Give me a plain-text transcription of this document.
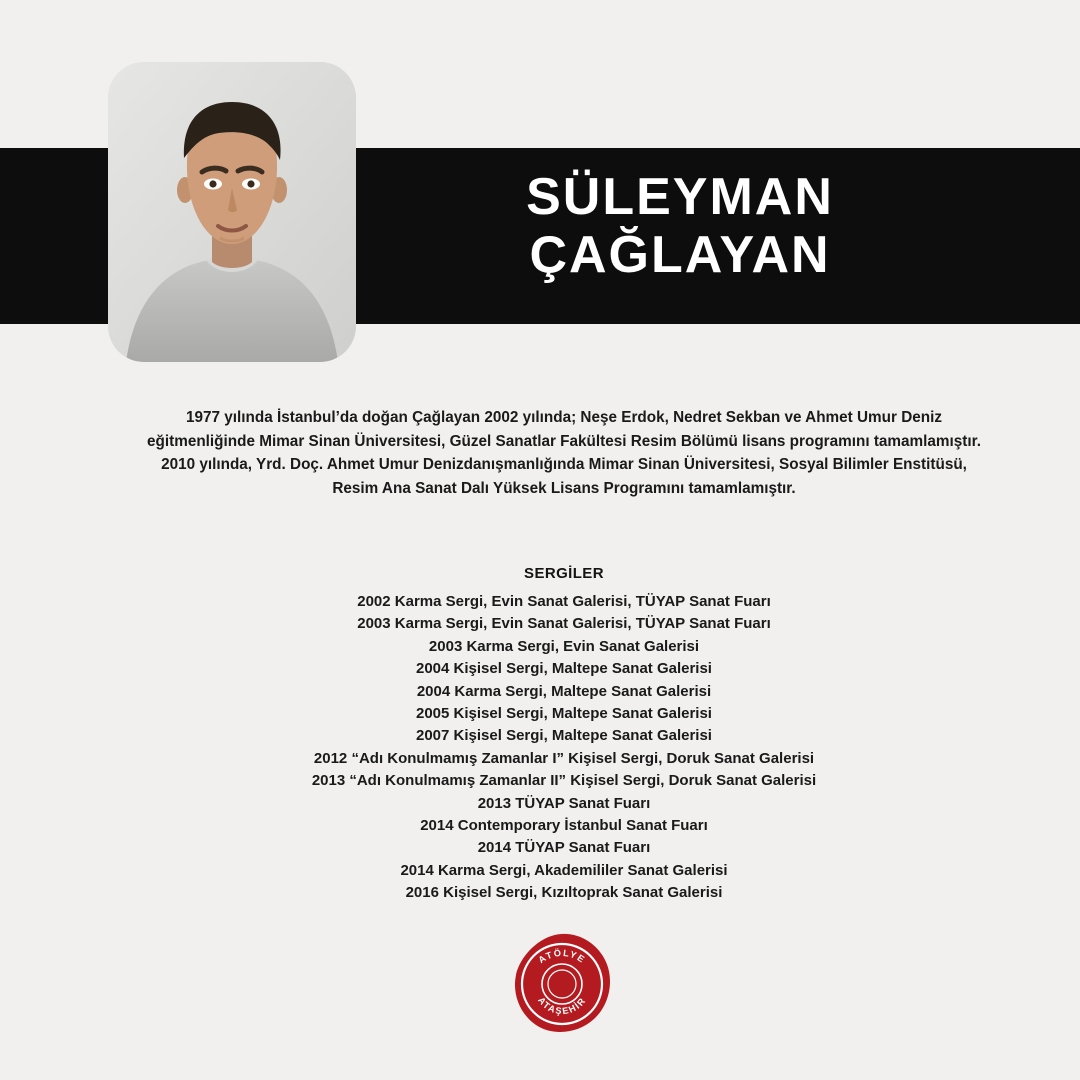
SÜLEYMAN
ÇAĞLAYAN

1977 yılında İstanbul’da doğan Çağlayan 2002 yılında; Neşe Erdok, Nedret Sekban ve Ahmet Umur Deniz eğitmenliğinde Mimar Sinan Üniversitesi, Güzel Sanatlar Fakültesi Resim Bölümü lisans programını tamamlamıştır. 2010 yılında, Yrd. Doç. Ahmet Umur Denizdanışmanlığında Mimar Sinan Üniversitesi, Sosyal Bilimler Enstitüsü, Resim Ana Sanat Dalı Yüksek Lisans Programını tamamlamıştır.

SERGİLER
2002 Karma Sergi, Evin Sanat Galerisi, TÜYAP Sanat Fuarı
2003 Karma Sergi, Evin Sanat Galerisi, TÜYAP Sanat Fuarı
2003 Karma Sergi, Evin Sanat Galerisi
2004 Kişisel Sergi, Maltepe Sanat Galerisi
2004 Karma Sergi, Maltepe Sanat Galerisi
2005 Kişisel Sergi, Maltepe Sanat Galerisi
2007 Kişisel Sergi, Maltepe Sanat Galerisi
2012 “Adı Konulmamış Zamanlar I” Kişisel Sergi, Doruk Sanat Galerisi
2013 “Adı Konulmamış Zamanlar II” Kişisel Sergi, Doruk Sanat Galerisi
2013 TÜYAP Sanat Fuarı
2014 Contemporary İstanbul Sanat Fuarı
2014 TÜYAP Sanat Fuarı
2014 Karma Sergi, Akademililer Sanat Galerisi
2016 Kişisel Sergi, Kızıltoprak Sanat Galerisi
ATÖLYE
ATAŞEHİR
